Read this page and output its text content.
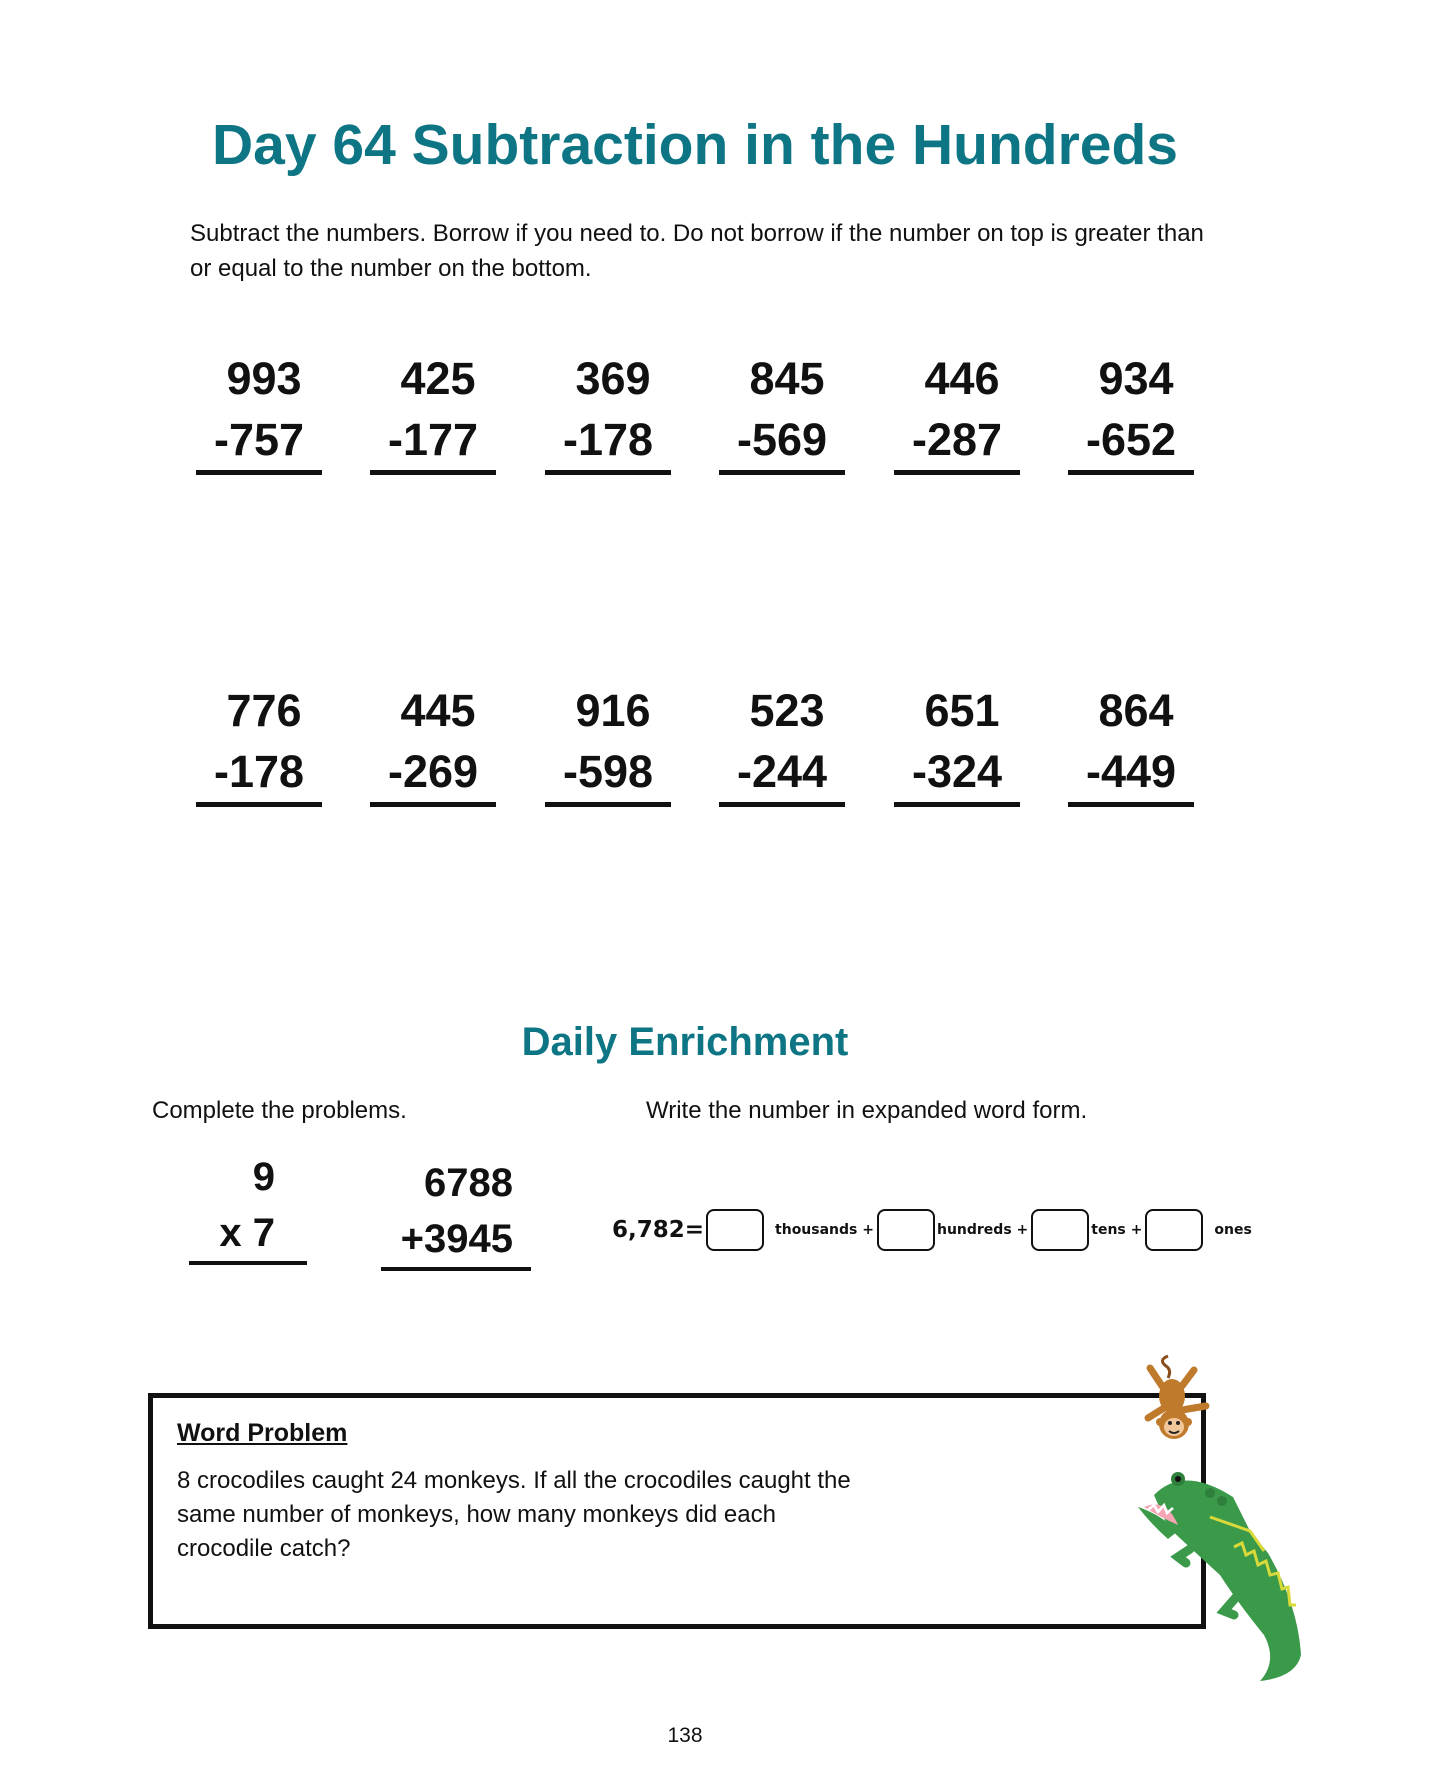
Day 64 Subtraction in the Hundreds
Subtract the numbers. Borrow if you need to. Do not borrow if the number on top is greater than or equal to the number on the bottom.
993
-757
425
-177
369
-178
845
-569
446
-287
934
-652
776
-178
445
-269
916
-598
523
-244
651
-324
864
-449
Daily Enrichment
Complete the problems.	Write the number in expanded word form.
9
x 7
6788
+3945	6,782=	thousands +	hundreds +	tens +	ones
Word Problem
8 crocodiles caught 24 monkeys. If all the crocodiles caught the same number of monkeys, how many monkeys did each crocodile catch?
138
